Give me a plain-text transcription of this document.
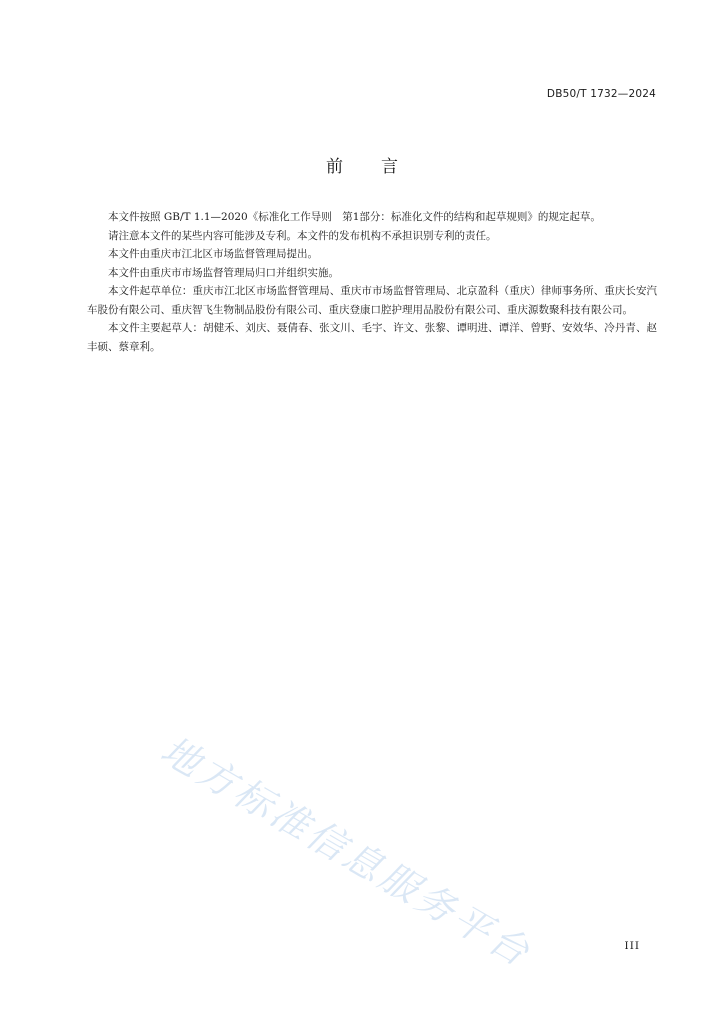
DB50/T 1732—2024
前 言

本文件按照 GB/T 1.1—2020《标准化工作导则　第1部分：标准化文件的结构和起草规则》的规定起草。

请注意本文件的某些内容可能涉及专利。本文件的发布机构不承担识别专利的责任。

本文件由重庆市江北区市场监督管理局提出。

本文件由重庆市市场监督管理局归口并组织实施。

本文件起草单位：重庆市江北区市场监督管理局、重庆市市场监督管理局、北京盈科（重庆）律师事务所、重庆长安汽车股份有限公司、重庆智飞生物制品股份有限公司、重庆登康口腔护理用品股份有限公司、重庆源数聚科技有限公司。

本文件主要起草人：胡健禾、刘庆、聂倩春、张文川、毛宇、许文、张黎、谭明进、谭洋、曾野、安效华、冷丹青、赵丰硕、蔡章利。

地方标准信息服务平台	III
